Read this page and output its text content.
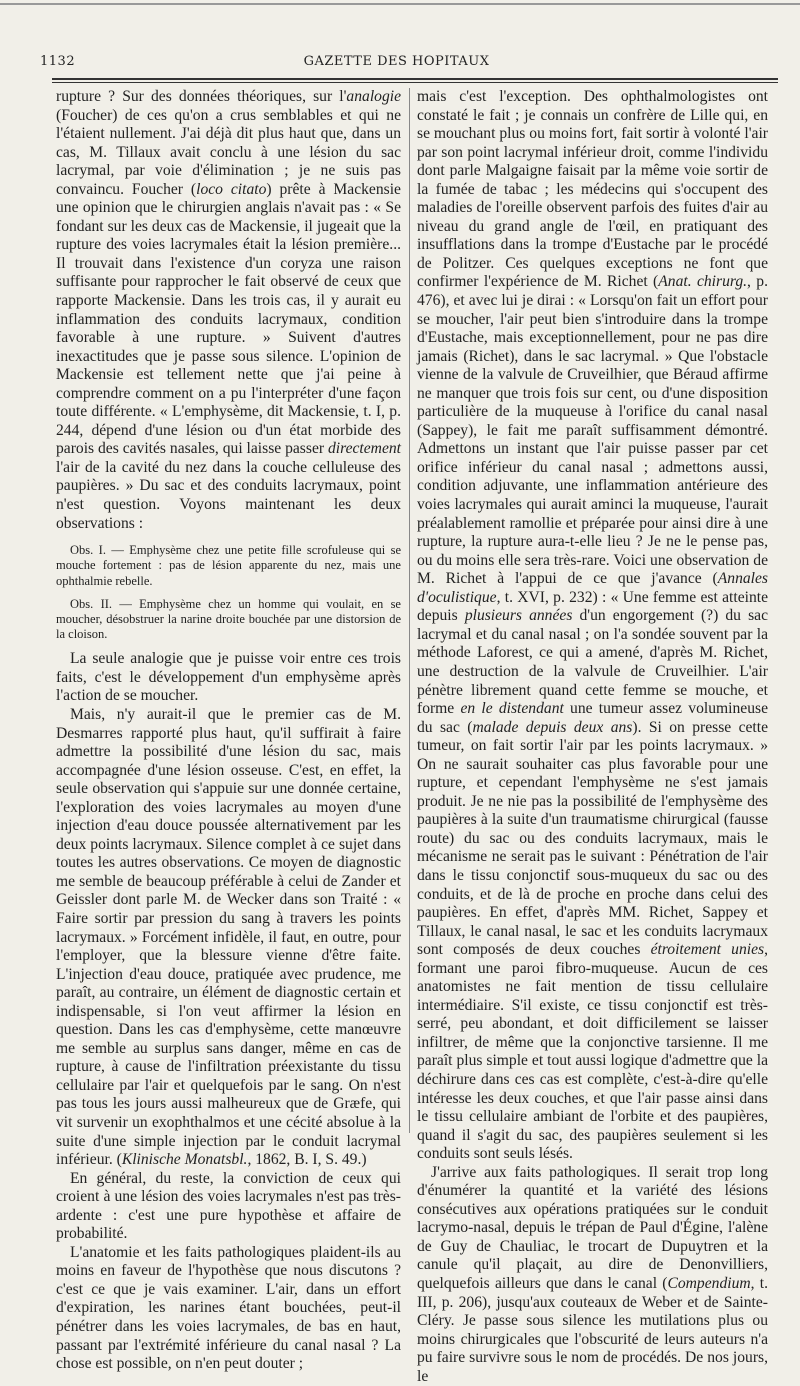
1132	GAZETTE DES HOPITAUX

rupture ? Sur des données théoriques, sur l'analogie (Foucher) de ces qu'on a crus semblables et qui ne l'étaient nullement. J'ai déjà dit plus haut que, dans un cas, M. Tillaux avait conclu à une lésion du sac lacrymal, par voie d'élimination ; je ne suis pas convaincu. Foucher (loco citato) prête à Mackensie une opinion que le chirurgien anglais n'avait pas : « Se fondant sur les deux cas de Mackensie, il jugeait que la rupture des voies lacrymales était la lésion première... Il trouvait dans l'existence d'un coryza une raison suffisante pour rapprocher le fait observé de ceux que rapporte Mackensie. Dans les trois cas, il y aurait eu inflammation des conduits lacrymaux, condition favorable à une rupture. » Suivent d'autres inexactitudes que je passe sous silence. L'opinion de Mackensie est tellement nette que j'ai peine à comprendre comment on a pu l'interpréter d'une façon toute différente. « L'emphysème, dit Mackensie, t. I, p. 244, dépend d'une lésion ou d'un état morbide des parois des cavités nasales, qui laisse passer directement l'air de la cavité du nez dans la couche celluleuse des paupières. » Du sac et des conduits lacrymaux, point n'est question. Voyons maintenant les deux observations :

Obs. I. — Emphysème chez une petite fille scrofuleuse qui se mouche fortement : pas de lésion apparente du nez, mais une ophthalmie rebelle.

Obs. II. — Emphysème chez un homme qui voulait, en se moucher, désobstruer la narine droite bouchée par une distorsion de la cloison.

La seule analogie que je puisse voir entre ces trois faits, c'est le développement d'un emphysème après l'action de se moucher.

Mais, n'y aurait-il que le premier cas de M. Desmarres rapporté plus haut, qu'il suffirait à faire admettre la possibilité d'une lésion du sac, mais accompagnée d'une lésion osseuse. C'est, en effet, la seule observation qui s'appuie sur une donnée certaine, l'exploration des voies lacrymales au moyen d'une injection d'eau douce poussée alternativement par les deux points lacrymaux. Silence complet à ce sujet dans toutes les autres observations. Ce moyen de diagnostic me semble de beaucoup préférable à celui de Zander et Geissler dont parle M. de Wecker dans son Traité : « Faire sortir par pression du sang à travers les points lacrymaux. » Forcément infidèle, il faut, en outre, pour l'employer, que la blessure vienne d'être faite. L'injection d'eau douce, pratiquée avec prudence, me paraît, au contraire, un élément de diagnostic certain et indispensable, si l'on veut affirmer la lésion en question. Dans les cas d'emphysème, cette manœuvre me semble au surplus sans danger, même en cas de rupture, à cause de l'infiltration préexistante du tissu cellulaire par l'air et quelquefois par le sang. On n'est pas tous les jours aussi malheureux que de Græfe, qui vit survenir un exophthalmos et une cécité absolue à la suite d'une simple injection par le conduit lacrymal inférieur. (Klinische Monatsbl., 1862, B. I, S. 49.)

En général, du reste, la conviction de ceux qui croient à une lésion des voies lacrymales n'est pas très-ardente : c'est une pure hypothèse et affaire de probabilité.

L'anatomie et les faits pathologiques plaident-ils au moins en faveur de l'hypothèse que nous discutons ? c'est ce que je vais examiner. L'air, dans un effort d'expiration, les narines étant bouchées, peut-il pénétrer dans les voies lacrymales, de bas en haut, passant par l'extrémité inférieure du canal nasal ? La chose est possible, on n'en peut douter ;

mais c'est l'exception. Des ophthalmologistes ont constaté le fait ; je connais un confrère de Lille qui, en se mouchant plus ou moins fort, fait sortir à volonté l'air par son point lacrymal inférieur droit, comme l'individu dont parle Malgaigne faisait par la même voie sortir de la fumée de tabac ; les médecins qui s'occupent des maladies de l'oreille observent parfois des fuites d'air au niveau du grand angle de l'œil, en pratiquant des insufflations dans la trompe d'Eustache par le procédé de Politzer. Ces quelques exceptions ne font que confirmer l'expérience de M. Richet (Anat. chirurg., p. 476), et avec lui je dirai : « Lorsqu'on fait un effort pour se moucher, l'air peut bien s'introduire dans la trompe d'Eustache, mais exceptionnellement, pour ne pas dire jamais (Richet), dans le sac lacrymal. » Que l'obstacle vienne de la valvule de Cruveilhier, que Béraud affirme ne manquer que trois fois sur cent, ou d'une disposition particulière de la muqueuse à l'orifice du canal nasal (Sappey), le fait me paraît suffisamment démontré. Admettons un instant que l'air puisse passer par cet orifice inférieur du canal nasal ; admettons aussi, condition adjuvante, une inflammation antérieure des voies lacrymales qui aurait aminci la muqueuse, l'aurait préalablement ramollie et préparée pour ainsi dire à une rupture, la rupture aura-t-elle lieu ? Je ne le pense pas, ou du moins elle sera très-rare. Voici une observation de M. Richet à l'appui de ce que j'avance (Annales d'oculistique, t. XVI, p. 232) : « Une femme est atteinte depuis plusieurs années d'un engorgement (?) du sac lacrymal et du canal nasal ; on l'a sondée souvent par la méthode Laforest, ce qui a amené, d'après M. Richet, une destruction de la valvule de Cruveilhier. L'air pénètre librement quand cette femme se mouche, et forme en le distendant une tumeur assez volumineuse du sac (malade depuis deux ans). Si on presse cette tumeur, on fait sortir l'air par les points lacrymaux. » On ne saurait souhaiter cas plus favorable pour une rupture, et cependant l'emphysème ne s'est jamais produit. Je ne nie pas la possibilité de l'emphysème des paupières à la suite d'un traumatisme chirurgical (fausse route) du sac ou des conduits lacrymaux, mais le mécanisme ne serait pas le suivant : Pénétration de l'air dans le tissu conjonctif sous-muqueux du sac ou des conduits, et de là de proche en proche dans celui des paupières. En effet, d'après MM. Richet, Sappey et Tillaux, le canal nasal, le sac et les conduits lacrymaux sont composés de deux couches étroitement unies, formant une paroi fibro-muqueuse. Aucun de ces anatomistes ne fait mention de tissu cellulaire intermédiaire. S'il existe, ce tissu conjonctif est très-serré, peu abondant, et doit difficilement se laisser infiltrer, de même que la conjonctive tarsienne. Il me paraît plus simple et tout aussi logique d'admettre que la déchirure dans ces cas est complète, c'est-à-dire qu'elle intéresse les deux couches, et que l'air passe ainsi dans le tissu cellulaire ambiant de l'orbite et des paupières, quand il s'agit du sac, des paupières seulement si les conduits sont seuls lésés.

J'arrive aux faits pathologiques. Il serait trop long d'énumérer la quantité et la variété des lésions consécutives aux opérations pratiquées sur le conduit lacrymo-nasal, depuis le trépan de Paul d'Égine, l'alène de Guy de Chauliac, le trocart de Dupuytren et la canule qu'il plaçait, au dire de Denonvilliers, quelquefois ailleurs que dans le canal (Compendium, t. III, p. 206), jusqu'aux couteaux de Weber et de Sainte-Cléry. Je passe sous silence les mutilations plus ou moins chirurgicales que l'obscurité de leurs auteurs n'a pu faire survivre sous le nom de procédés. De nos jours, le
